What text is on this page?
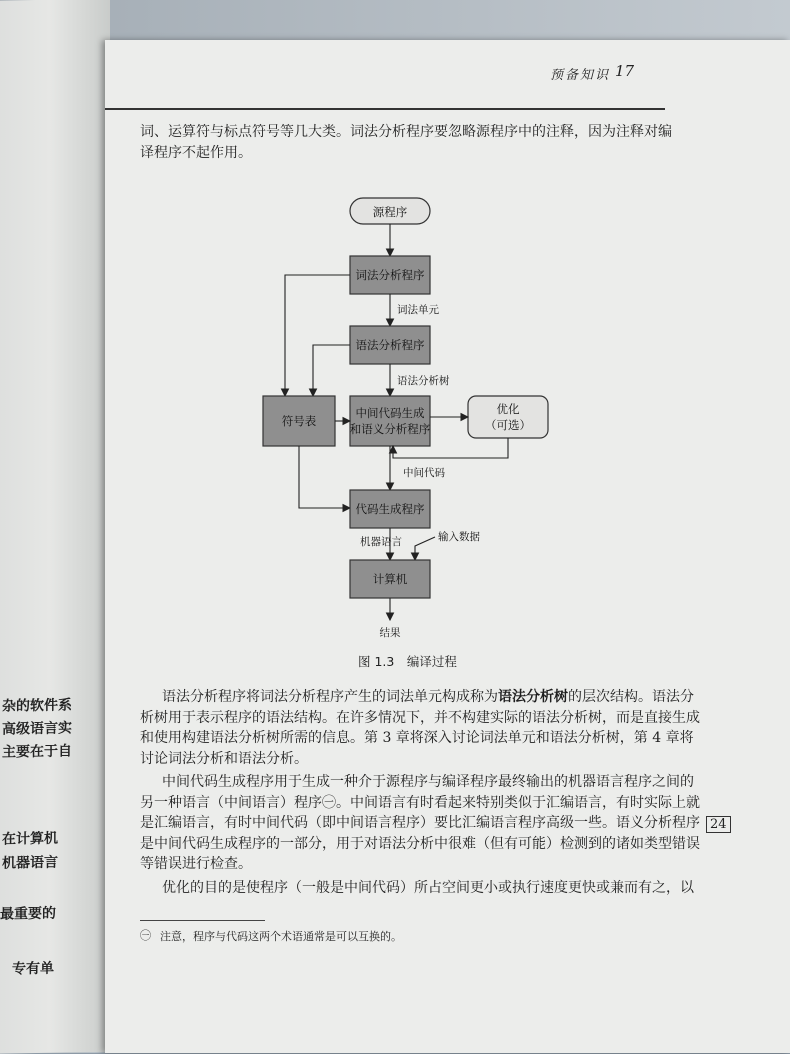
杂的软件系
高级语言实
主要在于自
在计算机
机器语言
最重要的
专有单
预备知识 17
词、运算符与标点符号等几大类。词法分析程序要忽略源程序中的注释，因为注释对编译程序不起作用。
源程序
词法分析程序
词法单元
语法分析程序
语法分析树
符号表
中间代码生成
和语义分析程序
优化
（可选）
中间代码
代码生成程序
机器语言	输入数据
计算机
结果
图 1.3　编译过程
语法分析程序将词法分析程序产生的词法单元构成称为语法分析树的层次结构。语法分析树用于表示程序的语法结构。在许多情况下，并不构建实际的语法分析树，而是直接生成和使用构建语法分析树所需的信息。第 3 章将深入讨论词法单元和语法分析树，第 4 章将讨论词法分析和语法分析。
中间代码生成程序用于生成一种介于源程序与编译程序最终输出的机器语言程序之间的另一种语言（中间语言）程序㊀。中间语言有时看起来特别类似于汇编语言，有时实际上就是汇编语言，有时中间代码（即中间语言程序）要比汇编语言程序高级一些。语义分析程序是中间代码生成程序的一部分，用于对语法分析中很难（但有可能）检测到的诸如类型错误等错误进行检查。
24
优化的目的是使程序（一般是中间代码）所占空间更小或执行速度更快或兼而有之，以
㊀ 注意，程序与代码这两个术语通常是可以互换的。
